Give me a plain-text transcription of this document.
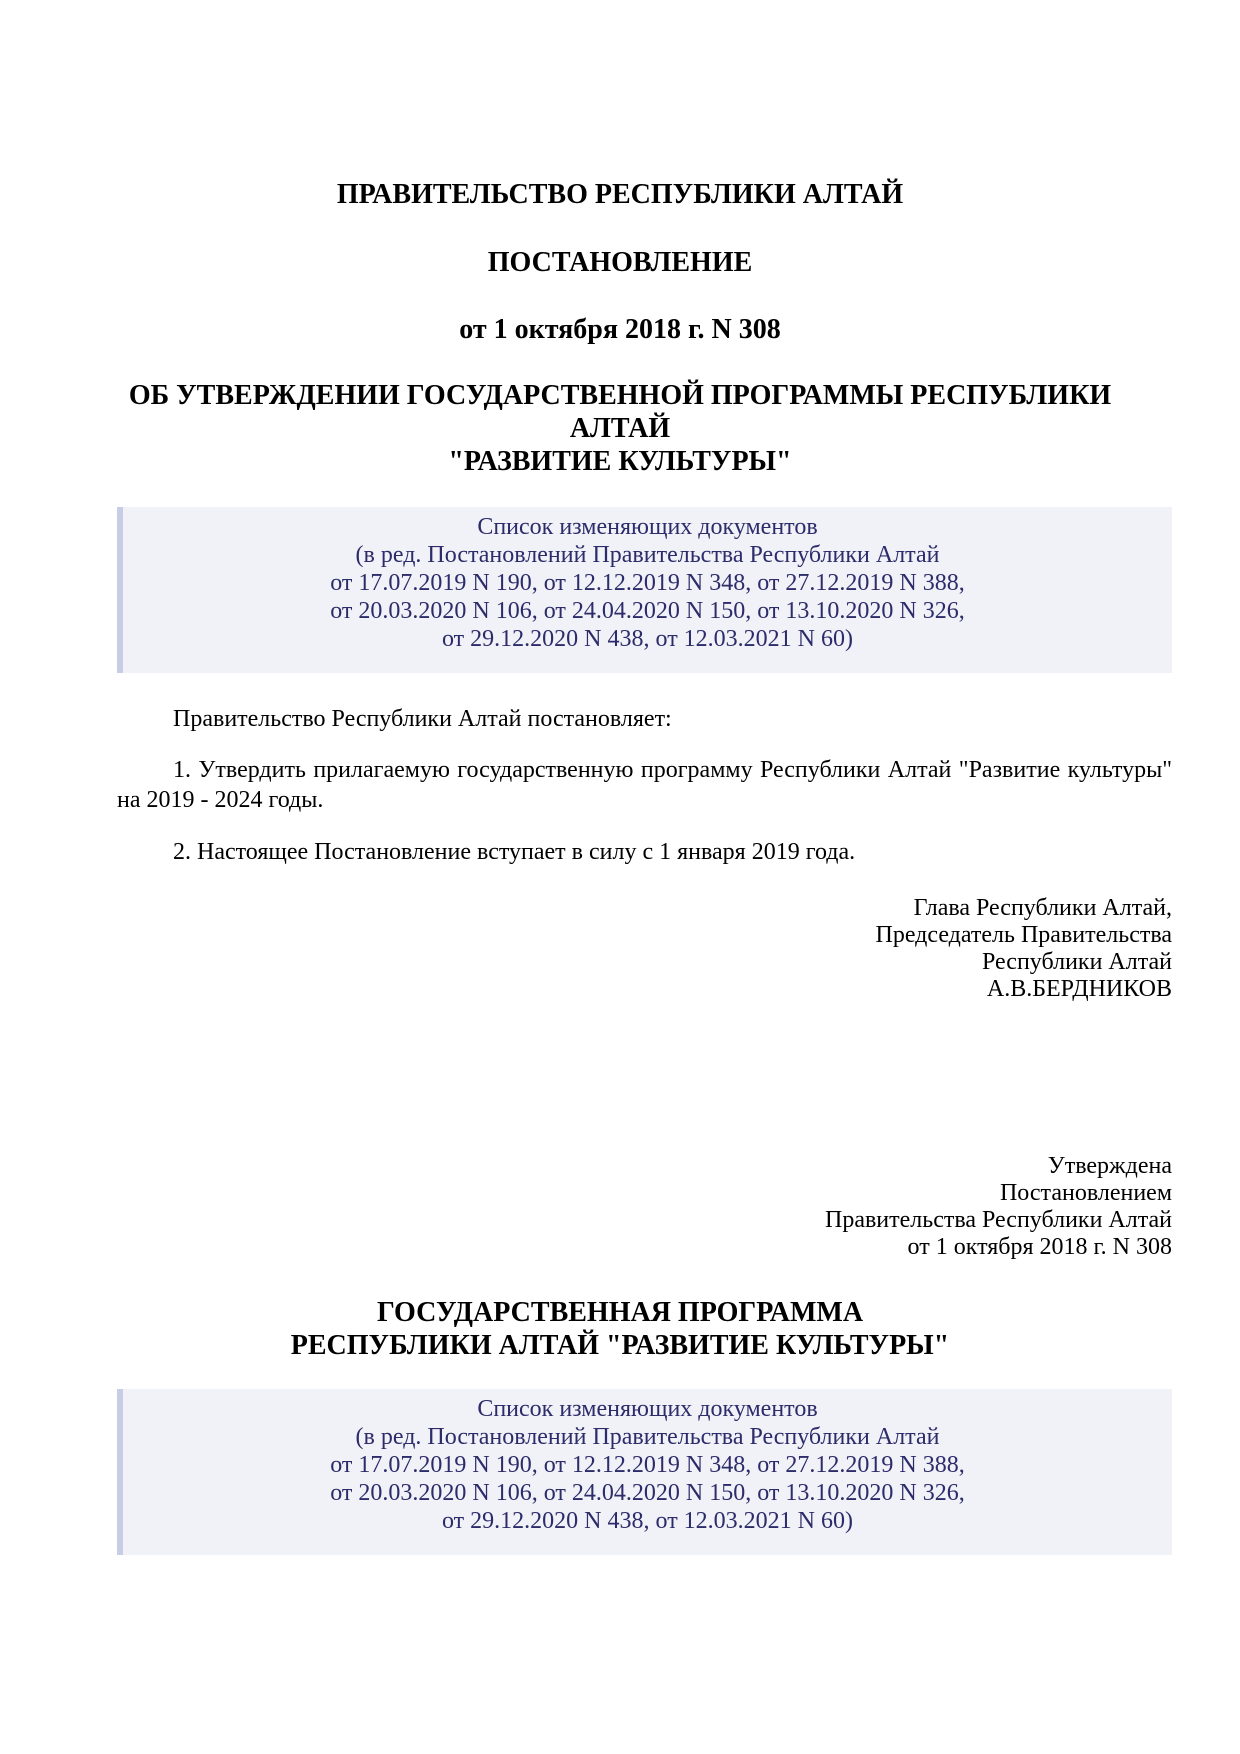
ПРАВИТЕЛЬСТВО РЕСПУБЛИКИ АЛТАЙ
ПОСТАНОВЛЕНИЕ
от 1 октября 2018 г. N 308
ОБ УТВЕРЖДЕНИИ ГОСУДАРСТВЕННОЙ ПРОГРАММЫ РЕСПУБЛИКИ
АЛТАЙ
"РАЗВИТИЕ КУЛЬТУРЫ"
Список изменяющих документов
(в ред. Постановлений Правительства Республики Алтай
от 17.07.2019 N 190, от 12.12.2019 N 348, от 27.12.2019 N 388,
от 20.03.2020 N 106, от 24.04.2020 N 150, от 13.10.2020 N 326,
от 29.12.2020 N 438, от 12.03.2021 N 60)

Правительство Республики Алтай постановляет:

1. Утвердить прилагаемую государственную программу Республики Алтай "Развитие культуры" на 2019 - 2024 годы.

2. Настоящее Постановление вступает в силу с 1 января 2019 года.

Глава Республики Алтай,
Председатель Правительства
Республики Алтай
А.В.БЕРДНИКОВ
Утверждена
Постановлением
Правительства Республики Алтай
от 1 октября 2018 г. N 308
ГОСУДАРСТВЕННАЯ ПРОГРАММА
РЕСПУБЛИКИ АЛТАЙ "РАЗВИТИЕ КУЛЬТУРЫ"
Список изменяющих документов
(в ред. Постановлений Правительства Республики Алтай
от 17.07.2019 N 190, от 12.12.2019 N 348, от 27.12.2019 N 388,
от 20.03.2020 N 106, от 24.04.2020 N 150, от 13.10.2020 N 326,
от 29.12.2020 N 438, от 12.03.2021 N 60)
